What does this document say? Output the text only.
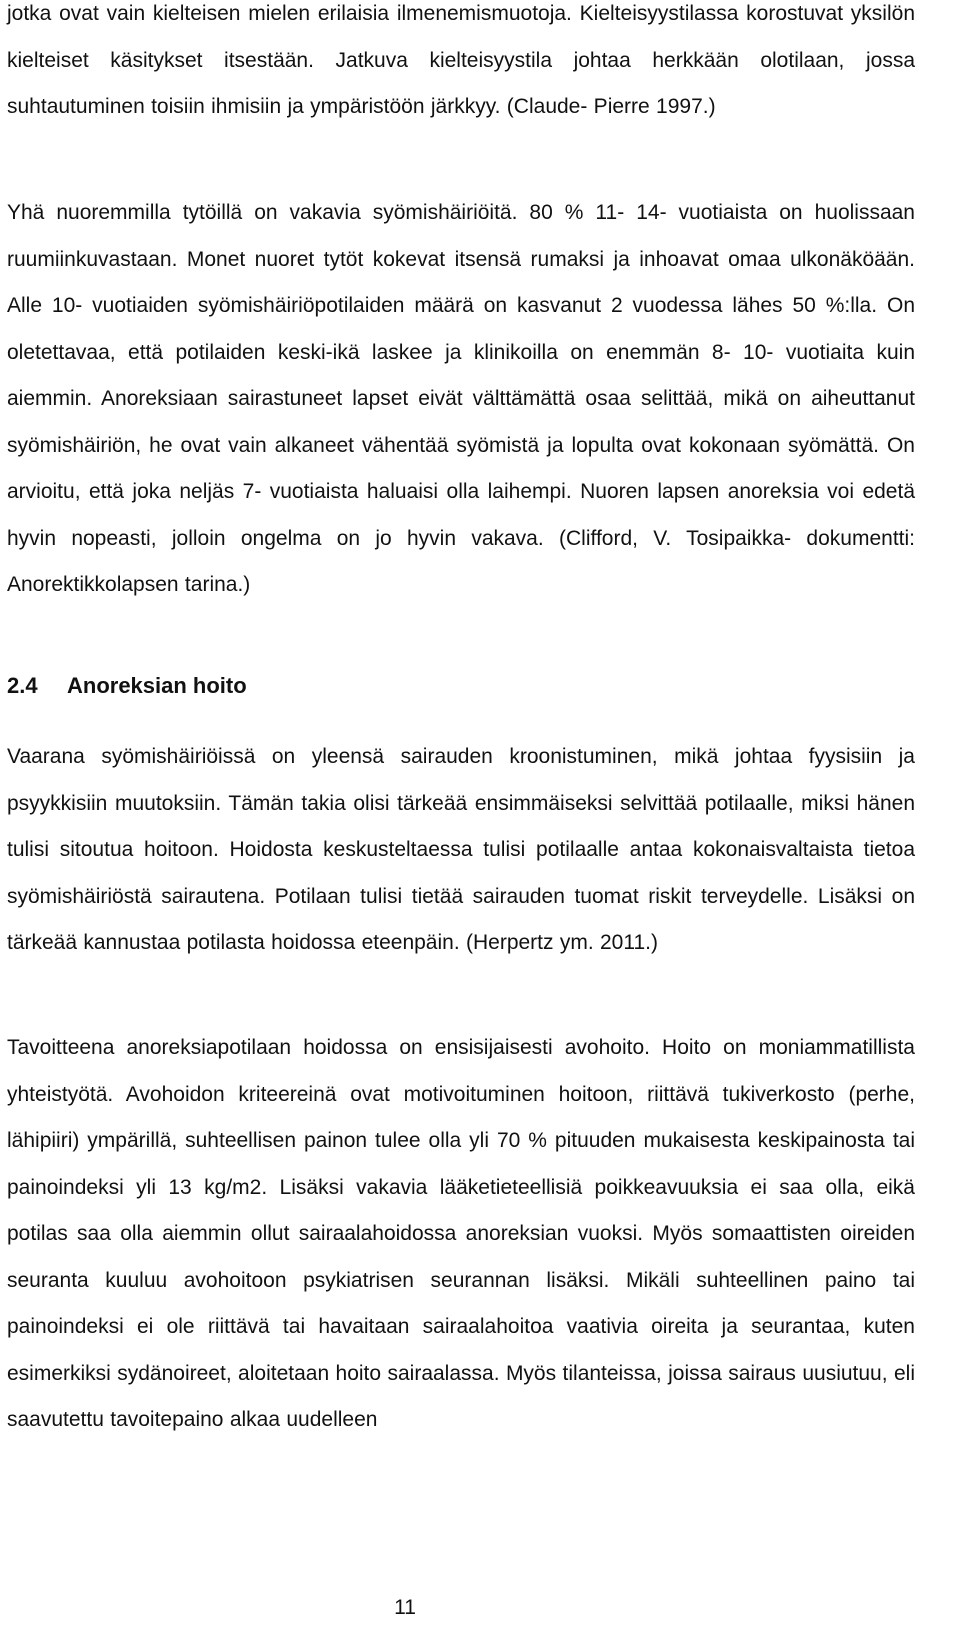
jotka ovat vain kielteisen mielen erilaisia ilmenemismuotoja. Kielteisyystilassa korostuvat yksilön kielteiset käsitykset itsestään. Jatkuva kielteisyystila johtaa herkkään olotilaan, jossa suhtautuminen toisiin ihmisiin ja ympäristöön järkkyy. (Claude- Pierre 1997.)

Yhä nuoremmilla tytöillä on vakavia syömishäiriöitä. 80 % 11- 14- vuotiaista on huolissaan ruumiinkuvastaan. Monet nuoret tytöt kokevat itsensä rumaksi ja inhoavat omaa ulkonäköään. Alle 10- vuotiaiden syömishäiriöpotilaiden määrä on kasvanut 2 vuodessa lähes 50 %:lla. On oletettavaa, että potilaiden keski-ikä laskee ja klinikoilla on enemmän 8- 10- vuotiaita kuin aiemmin. Anoreksiaan sairastuneet lapset eivät välttämättä osaa selittää, mikä on aiheuttanut syömishäiriön, he ovat vain alkaneet vähentää syömistä ja lopulta ovat kokonaan syömättä. On arvioitu, että joka neljäs 7- vuotiaista haluaisi olla laihempi. Nuoren lapsen anoreksia voi edetä hyvin nopeasti, jolloin ongelma on jo hyvin vakava. (Clifford, V. Tosipaikka- dokumentti: Anorektikkolapsen tarina.)

2.4 Anoreksian hoito

Vaarana syömishäiriöissä on yleensä sairauden kroonistuminen, mikä johtaa fyysisiin ja psyykkisiin muutoksiin. Tämän takia olisi tärkeää ensimmäiseksi selvittää potilaalle, miksi hänen tulisi sitoutua hoitoon. Hoidosta keskusteltaessa tulisi potilaalle antaa kokonaisvaltaista tietoa syömishäiriöstä sairautena. Potilaan tulisi tietää sairauden tuomat riskit terveydelle. Lisäksi on tärkeää kannustaa potilasta hoidossa eteenpäin. (Herpertz ym. 2011.)

Tavoitteena anoreksiapotilaan hoidossa on ensisijaisesti avohoito. Hoito on moniammatillista yhteistyötä. Avohoidon kriteereinä ovat motivoituminen hoitoon, riittävä tukiverkosto (perhe, lähipiiri) ympärillä, suhteellisen painon tulee olla yli 70 % pituuden mukaisesta keskipainosta tai painoindeksi yli 13 kg/m2. Lisäksi vakavia lääketieteellisiä poikkeavuuksia ei saa olla, eikä potilas saa olla aiemmin ollut sairaalahoidossa anoreksian vuoksi. Myös somaattisten oireiden seuranta kuuluu avohoitoon psykiatrisen seurannan lisäksi. Mikäli suhteellinen paino tai painoindeksi ei ole riittävä tai havaitaan sairaalahoitoa vaativia oireita ja seurantaa, kuten esimerkiksi sydänoireet, aloitetaan hoito sairaalassa. Myös tilanteissa, joissa sairaus uusiutuu, eli saavutettu tavoitepaino alkaa uudelleen

11
